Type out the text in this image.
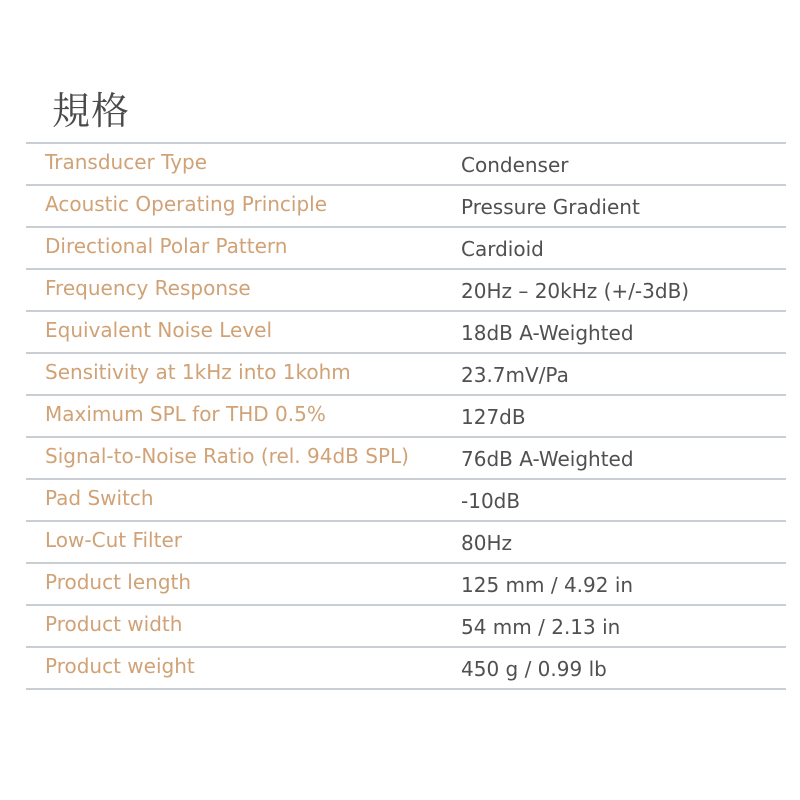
規格
Transducer Type	Condenser
Acoustic Operating Principle	Pressure Gradient
Directional Polar Pattern	Cardioid
Frequency Response	20Hz – 20kHz (+/-3dB)
Equivalent Noise Level	18dB A-Weighted
Sensitivity at 1kHz into 1kohm	23.7mV/Pa
Maximum SPL for THD 0.5%	127dB
Signal-to-Noise Ratio (rel. 94dB SPL)	76dB A-Weighted
Pad Switch	-10dB
Low-Cut Filter	80Hz
Product length	125 mm / 4.92 in
Product width	54 mm / 2.13 in
Product weight	450 g / 0.99 lb
